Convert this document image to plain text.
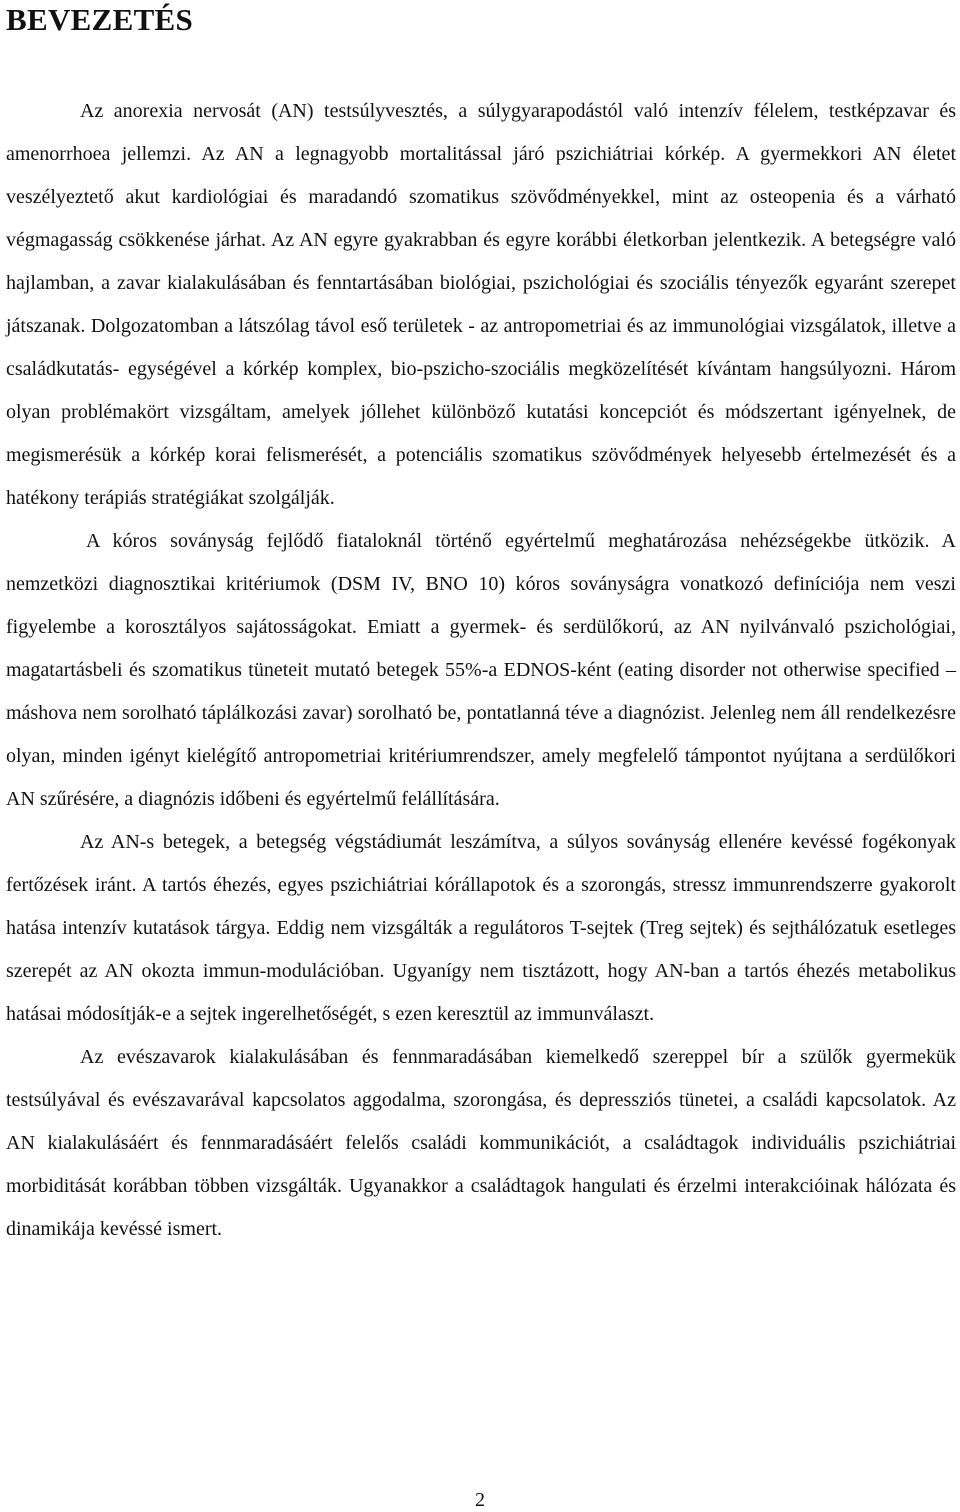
BEVEZETÉS

Az anorexia nervosát (AN) testsúlyvesztés, a súlygyarapodástól való intenzív félelem, testképzavar és amenorrhoea jellemzi. Az AN a legnagyobb mortalitással járó pszichiátriai kórkép. A gyermekkori AN életet veszélyeztető akut kardiológiai és maradandó szomatikus szövődményekkel, mint az osteopenia és a várható végmagasság csökkenése járhat. Az AN egyre gyakrabban és egyre korábbi életkorban jelentkezik. A betegségre való hajlamban, a zavar kialakulásában és fenntartásában biológiai, pszichológiai és szociális tényezők egyaránt szerepet játszanak. Dolgozatomban a látszólag távol eső területek - az antropometriai és az immunológiai vizsgálatok, illetve a családkutatás- egységével a kórkép komplex, bio-pszicho-szociális megközelítését kívántam hangsúlyozni. Három olyan problémakört vizsgáltam, amelyek jóllehet különböző kutatási koncepciót és módszertant igényelnek, de megismerésük a kórkép korai felismerését, a potenciális szomatikus szövődmények helyesebb értelmezését és a hatékony terápiás stratégiákat szolgálják.

A kóros soványság fejlődő fiataloknál történő egyértelmű meghatározása nehézségekbe ütközik. A nemzetközi diagnosztikai kritériumok (DSM IV, BNO 10) kóros soványságra vonatkozó definíciója nem veszi figyelembe a korosztályos sajátosságokat. Emiatt a gyermek- és serdülőkorú, az AN nyilvánvaló pszichológiai, magatartásbeli és szomatikus tüneteit mutató betegek 55%-a EDNOS-ként (eating disorder not otherwise specified – máshova nem sorolható táplálkozási zavar) sorolható be, pontatlanná téve a diagnózist. Jelenleg nem áll rendelkezésre olyan, minden igényt kielégítő antropometriai kritériumrendszer, amely megfelelő támpontot nyújtana a serdülőkori AN szűrésére, a diagnózis időbeni és egyértelmű felállítására.

Az AN-s betegek, a betegség végstádiumát leszámítva, a súlyos soványság ellenére kevéssé fogékonyak fertőzések iránt. A tartós éhezés, egyes pszichiátriai kórállapotok és a szorongás, stressz immunrendszerre gyakorolt hatása intenzív kutatások tárgya. Eddig nem vizsgálták a regulátoros T-sejtek (Treg sejtek) és sejthálózatuk esetleges szerepét az AN okozta immun-modulációban. Ugyanígy nem tisztázott, hogy AN-ban a tartós éhezés metabolikus hatásai módosítják-e a sejtek ingerelhetőségét, s ezen keresztül az immunválaszt.

Az evészavarok kialakulásában és fennmaradásában kiemelkedő szereppel bír a szülők gyermekük testsúlyával és evészavarával kapcsolatos aggodalma, szorongása, és depressziós tünetei, a családi kapcsolatok. Az AN kialakulásáért és fennmaradásáért felelős családi kommunikációt, a családtagok individuális pszichiátriai morbiditását korábban többen vizsgálták. Ugyanakkor a családtagok hangulati és érzelmi interakcióinak hálózata és dinamikája kevéssé ismert.

2
